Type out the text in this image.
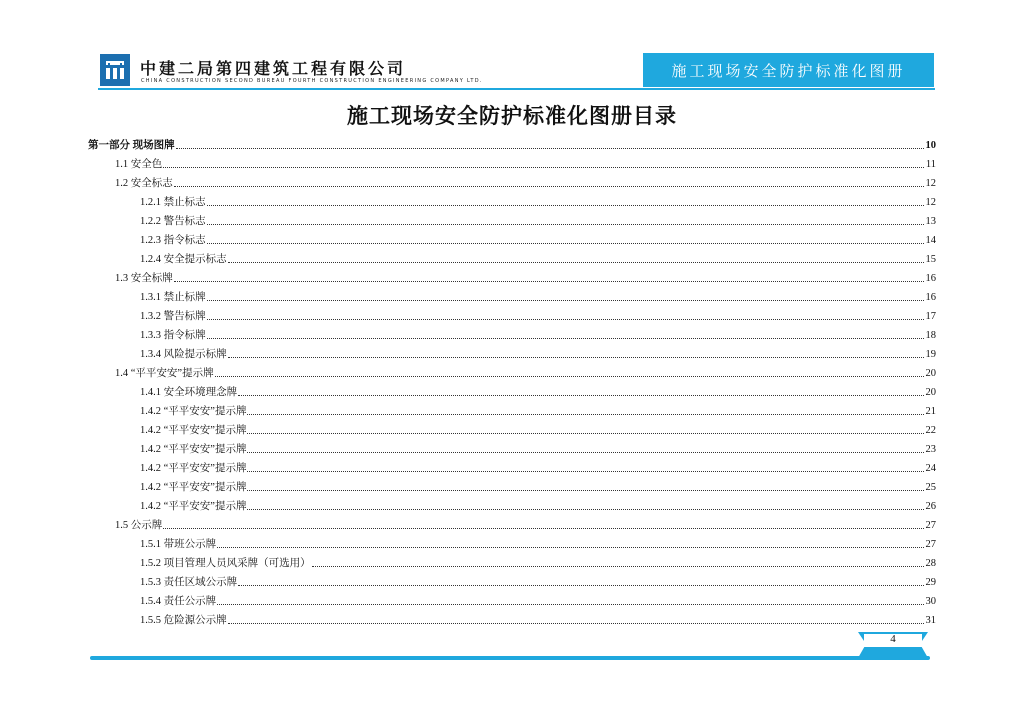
中建二局第四建筑工程有限公司
CHINA CONSTRUCTION SECOND BUREAU FOURTH CONSTRUCTION ENGINEERING COMPANY LTD.
施工现场安全防护标准化图册
施工现场安全防护标准化图册目录
第一部分 现场图牌	10
1.1 安全色	11
1.2 安全标志	12
1.2.1 禁止标志	12
1.2.2 警告标志	13
1.2.3 指令标志	14
1.2.4 安全提示标志	15
1.3 安全标牌	16
1.3.1 禁止标牌	16
1.3.2 警告标牌	17
1.3.3 指令标牌	18
1.3.4 风险提示标牌	19
1.4 “平平安安”提示牌	20
1.4.1 安全环境理念牌	20
1.4.2 “平平安安”提示牌	21
1.4.2 “平平安安”提示牌	22
1.4.2 “平平安安”提示牌	23
1.4.2 “平平安安”提示牌	24
1.4.2 “平平安安”提示牌	25
1.4.2 “平平安安”提示牌	26
1.5 公示牌	27
1.5.1 带班公示牌	27
1.5.2 项目管理人员风采牌（可选用）	28
1.5.3 责任区域公示牌	29
1.5.4 责任公示牌	30
1.5.5 危险源公示牌	31
4
